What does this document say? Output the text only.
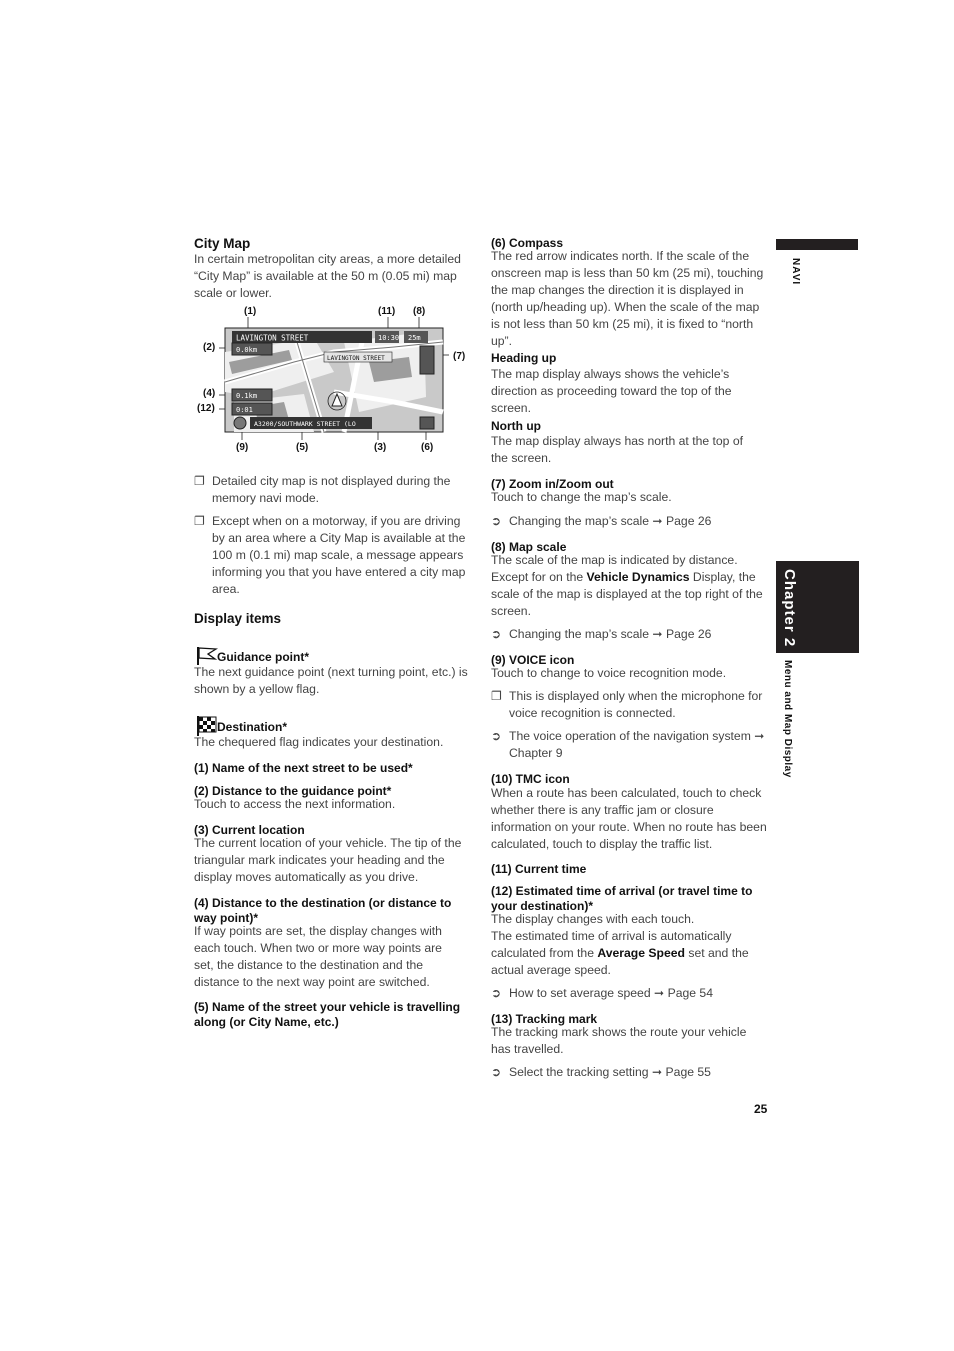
City Map

In certain metropolitan city areas, a more detailed “City Map” is available at the 50 m (0.05 mi) map scale or lower.

(1)	(11) (8)
(2)
(7)
(4)
(12)
(9)	(5)	(3)	(6)
LAVINGTON STREET	10:30 25m
0.0km
LAVINGTON STREET
0.1km
0:01
A3200/SOUTHWARK STREET (LO
❐ Detailed city map is not displayed during the memory navi mode.
❐ Except when on a motorway, if you are driving by an area where a City Map is available at the 100 m (0.1 mi) map scale, a message appears informing you that you have entered a city map area.
Display items
Guidance point*

The next guidance point (next turning point, etc.) is shown by a yellow flag.

Destination*

The chequered flag indicates your destination.

(1) Name of the next street to be used*
(2) Distance to the guidance point*

Touch to access the next information.

(3) Current location

The current location of your vehicle. The tip of the triangular mark indicates your heading and the display moves automatically as you drive.

(4) Distance to the destination (or distance to way point)*

If way points are set, the display changes with each touch. When two or more way points are set, the distance to the destination and the distance to the next way point are switched.

(5) Name of the street your vehicle is travelling along (or City Name, etc.)
(6) Compass

The red arrow indicates north. If the scale of the onscreen map is less than 50 km (25 mi), touching the map changes the direction it is displayed in (north up/heading up). When the scale of the map is not less than 50 km (25 mi), it is fixed to “north up”.

Heading up

The map display always shows the vehicle’s direction as proceeding toward the top of the screen.

North up

The map display always has north at the top of the screen.

(7) Zoom in/Zoom out

Touch to change the map’s scale.

➲ Changing the map’s scale ➞ Page 26
(8) Map scale

The scale of the map is indicated by distance. Except for on the Vehicle Dynamics Display, the scale of the map is displayed at the top right of the screen.

➲ Changing the map’s scale ➞ Page 26
(9) VOICE icon

Touch to change to voice recognition mode.

❐ This is displayed only when the microphone for voice recognition is connected.
➲ The voice operation of the navigation system ➞ Chapter 9
(10) TMC icon

When a route has been calculated, touch to check whether there is any traffic jam or closure information on your route. When no route has been calculated, touch to display the traffic list.

(11) Current time
(12) Estimated time of arrival (or travel time to your destination)*

The display changes with each touch.

The estimated time of arrival is automatically calculated from the Average Speed set and the actual average speed.

➲ How to set average speed ➞ Page 54
(13) Tracking mark

The tracking mark shows the route your vehicle has travelled.

➲ Select the tracking setting ➞ Page 55
NAVI
Chapter 2
Menu and Map Display
25
